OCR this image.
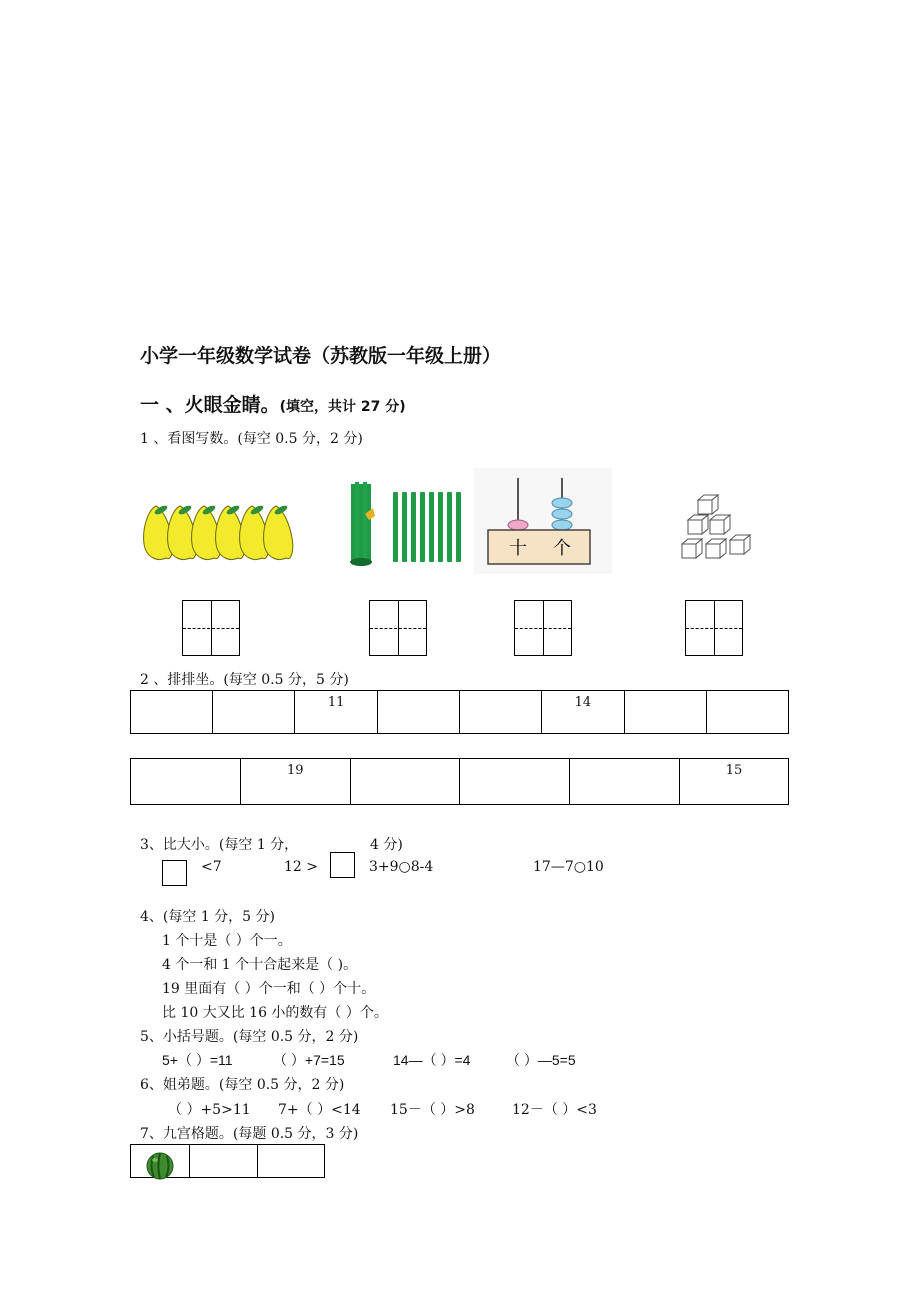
小学一年级数学试卷（苏教版一年级上册）
一 、火眼金睛。(填空，共计 27 分)
1 、看图写数。(每空 0.5 分，2 分)
十 个
2 、排排坐。(每空 0.5 分，5 分)
		11			14		
	19				15
3、比大小。(每空 1 分，	4 分)
<7	12 >	3+9○8-4	17—7○10
4、(每空 1 分，5 分)
1 个十是（ ）个一。
4 个一和 1 个十合起来是（ )。
19 里面有（ ）个一和（ ）个十。
比 10 大又比 16 小的数有（ ）个。
5、小括号题。(每空 0.5 分，2 分)
5+（ ）=11	（ ）+7=15	14—（ ）=4	（ ）—5=5
6、姐弟题。(每空 0.5 分，2 分)
（ ）+5>11 7+（ ）<14 15－（ ）>8	12－（ ）<3
7、九宫格题。(每题 0.5 分，3 分)
